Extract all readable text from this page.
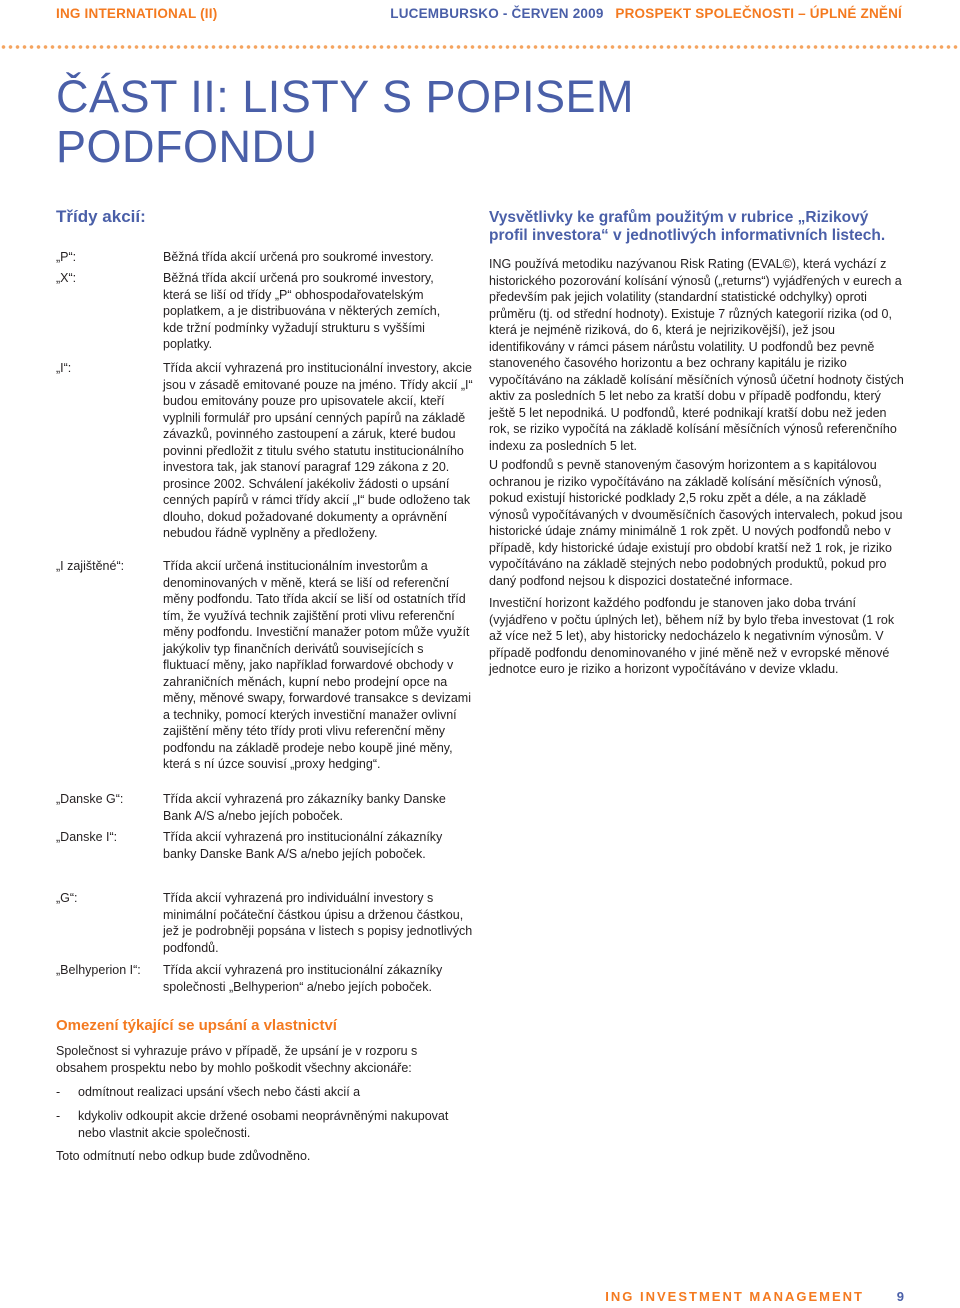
ING INTERNATIONAL (II)	LUCEMBURSKO - ČERVEN 2009 PROSPEKT SPOLEČNOSTI – ÚPLNÉ ZNĚNÍ
ČÁST II: LISTY S POPISEM PODFONDU
Třídy akcií:
„P“:	Běžná třída akcií určená pro soukromé investory.
„X“:	Běžná třída akcií určená pro soukromé investory, která se liší od třídy „P“ obhospodařovatelským poplatkem, a je distribuována v některých zemích, kde tržní podmínky vyžadují strukturu s vyššími poplatky.
„I“:	Třída akcií vyhrazená pro institucionální investory, akcie jsou v zásadě emitované pouze na jméno. Třídy akcií „I“ budou emitovány pouze pro upisovatele akcií, kteří vyplnili formulář pro upsání cenných papírů na základě závazků, povinného zastoupení a záruk, které budou povinni předložit z titulu svého statutu institucionálního investora tak, jak stanoví paragraf 129 zákona z 20. prosince 2002. Schválení jakékoliv žádosti o upsání cenných papírů v rámci třídy akcií „I“ bude odloženo tak dlouho, dokud požadované dokumenty a oprávnění nebudou řádně vyplněny a předloženy.
„I zajištěné“:	Třída akcií určená institucionálním investorům a denominovaných v měně, která se liší od referenční měny podfondu. Tato třída akcií se liší od ostatních tříd tím, že využívá technik zajištění proti vlivu referenční měny podfondu. Investiční manažer potom může využít jakýkoliv typ finančních derivátů souvisejících s fluktuací měny, jako například forwardové obchody v zahraničních měnách, kupní nebo prodejní opce na měny, měnové swapy, forwardové transakce s devizami a techniky, pomocí kterých investiční manažer ovlivní zajištění měny této třídy proti vlivu referenční měny podfondu na základě prodeje nebo koupě jiné měny, která s ní úzce souvisí „proxy hedging“.
„Danske G“:	Třída akcií vyhrazená pro zákazníky banky Danske Bank A/S a/nebo jejích poboček.
„Danske I“:	Třída akcií vyhrazená pro institucionální zákazníky banky Danske Bank A/S a/nebo jejích poboček.
„G“:	Třída akcií vyhrazená pro individuální investory s minimální počáteční částkou úpisu a drženou částkou, jež je podrobněji popsána v listech s popisy jednotlivých podfondů.
„Belhyperion I“: Třída akcií vyhrazená pro institucionální zákazníky společnosti „Belhyperion“ a/nebo jejích poboček.
Vysvětlivky ke grafům použitým v rubrice „Rizikový profil investora“ v jednotlivých informativních listech.
ING používá metodiku nazývanou Risk Rating (EVAL©), která vychází z historického pozorování kolísání výnosů („returns“) vyjádřených v eurech a především pak jejich volatility (standardní statistické odchylky) oproti průměru (tj. od střední hodnoty). Existuje 7 různých kategorií rizika (od 0, která je nejméně riziková, do 6, která je nejrizikovější), jež jsou identifikovány v rámci pásem nárůstu volatility. U podfondů bez pevně stanoveného časového horizontu a bez ochrany kapitálu je riziko vypočítáváno na základě kolísání měsíčních výnosů účetní hodnoty čistých aktiv za posledních 5 let nebo za kratší dobu v případě podfondu, který ještě 5 let nepodniká. U podfondů, které podnikají kratší dobu než jeden rok, se riziko vypočítá na základě kolísání měsíčních výnosů referenčního indexu za posledních 5 let.
U podfondů s pevně stanoveným časovým horizontem a s kapitálovou ochranou je riziko vypočítáváno na základě kolísání měsíčních výnosů, pokud existují historické podklady 2,5 roku zpět a déle, a na základě výnosů vypočítávaných v dvouměsíčních časových intervalech, pokud jsou historické údaje známy minimálně 1 rok zpět. U nových podfondů nebo v případě, kdy historické údaje existují pro období kratší než 1 rok, je riziko vypočítáváno na základě stejných nebo podobných produktů, pokud pro daný podfond nejsou k dispozici dostatečné informace.
Investiční horizont každého podfondu je stanoven jako doba trvání (vyjádřeno v počtu úplných let), během níž by bylo třeba investovat (1 rok až více než 5 let), aby historicky nedocházelo k negativním výnosům. V případě podfondu denominovaného v jiné měně než v evropské měnové jednotce euro je riziko a horizont vypočítáváno v devize vkladu.
Omezení týkající se upsání a vlastnictví
Společnost si vyhrazuje právo v případě, že upsání je v rozporu s obsahem prospektu nebo by mohlo poškodit všechny akcionáře:
- odmítnout realizaci upsání všech nebo části akcií a
- kdykoliv odkoupit akcie držené osobami neoprávněnými nakupovat nebo vlastnit akcie společnosti.
Toto odmítnutí nebo odkup bude zdůvodněno.
ING INVESTMENT MANAGEMENT	9
